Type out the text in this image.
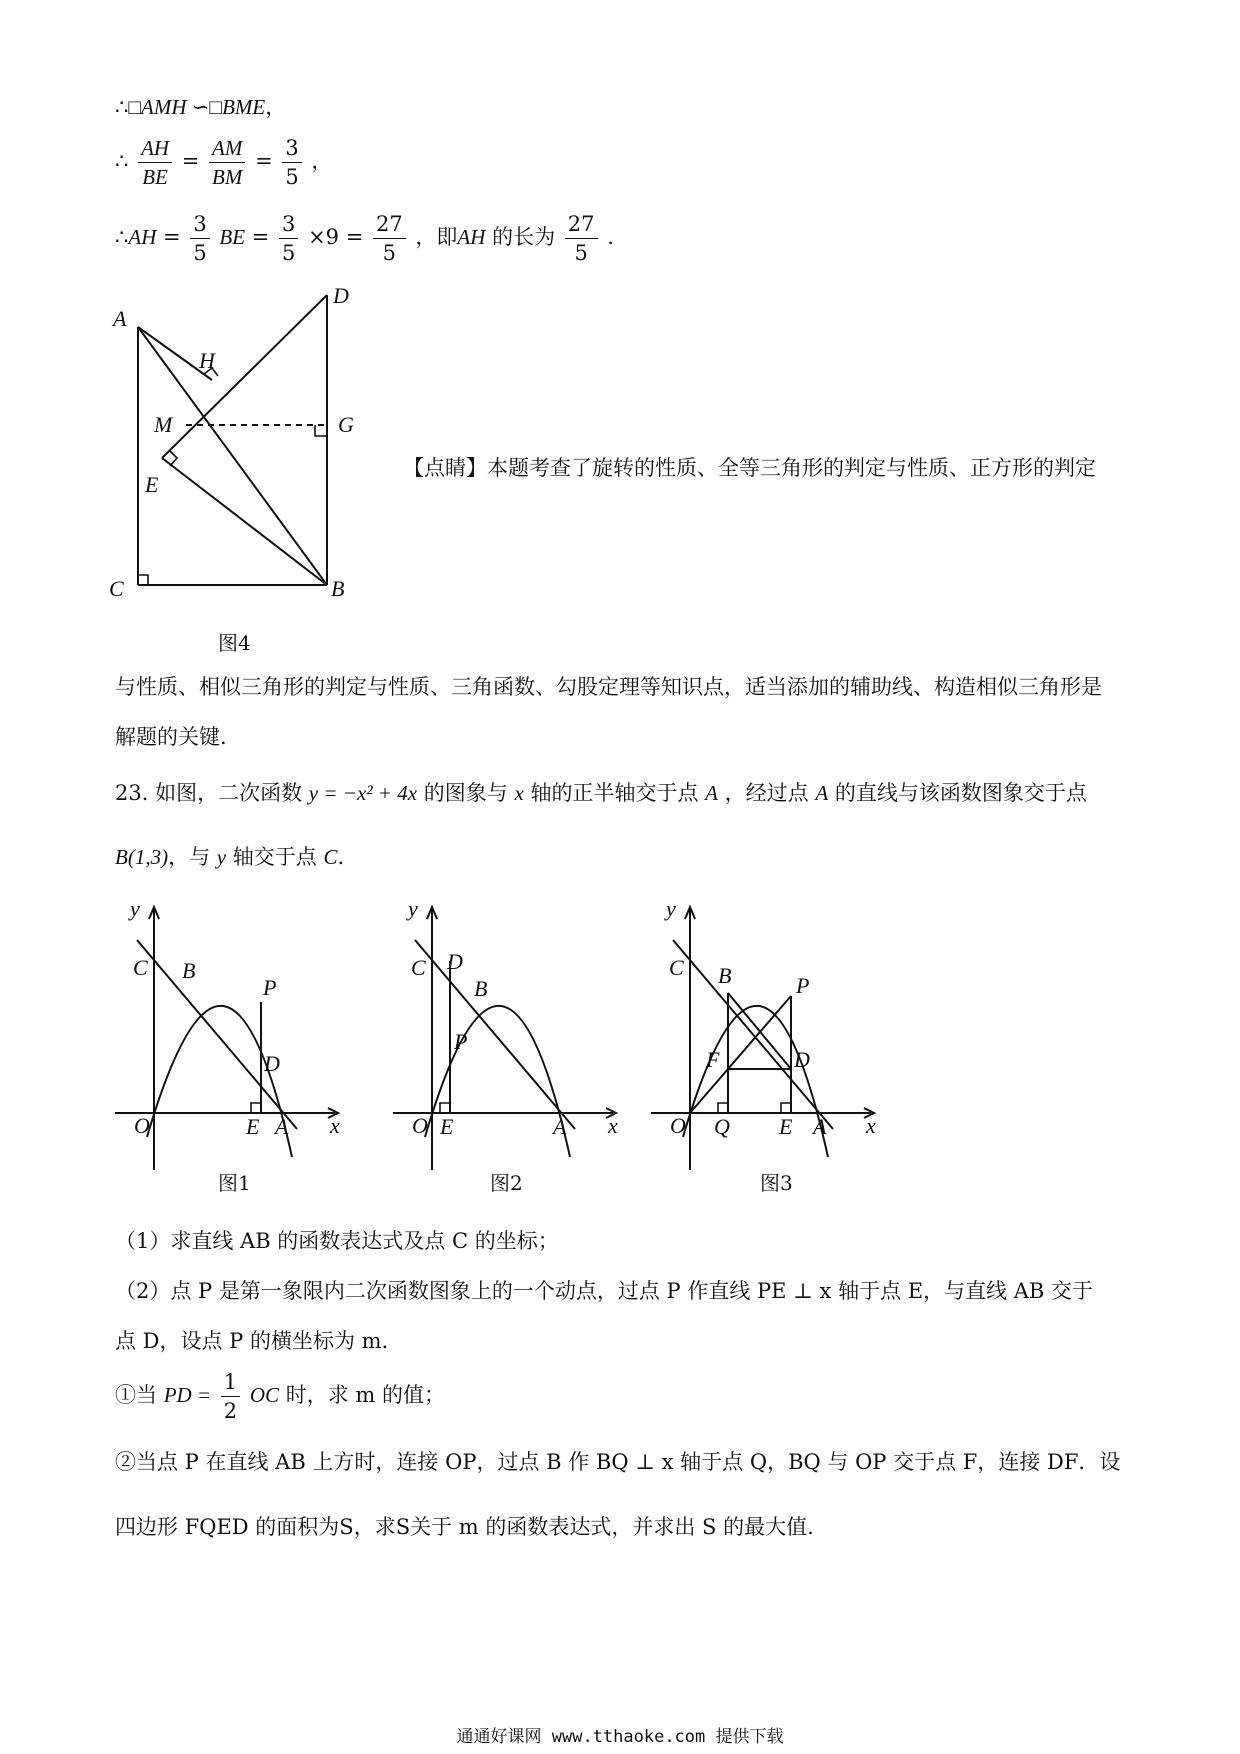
∴□AMH ∽□BME，
∴ $\frac{AH}{BE} = \frac{AM}{BM} = \frac{3}{5}$ ，
∴AH = $\frac{3}{5}$ BE = $\frac{3}{5} \times 9 = \frac{27}{5}$ ，即AH 的长为 $\frac{27}{5}$ .
A
D
H
M	G
E
C	B
图4
【点睛】本题考查了旋转的性质、全等三角形的判定与性质、正方形的判定
与性质、相似三角形的判定与性质、三角函数、勾股定理等知识点，适当添加的辅助线、构造相似三角形是
解题的关键.
23. 如图，二次函数 y = −x² + 4x 的图象与 x 轴的正半轴交于点 A ，经过点 A 的直线与该函数图象交于点
B(1,3)，与 y 轴交于点 C.
y
C B
P
D
O	E A x
图1
y
C D
B
P
O E	A x
图2
y
C B	P
F	D
O Q E A x
图3
（1）求直线 AB 的函数表达式及点 C 的坐标；
（2）点 P 是第一象限内二次函数图象上的一个动点，过点 P 作直线 PE ⊥ x 轴于点 E，与直线 AB 交于
点 D，设点 P 的横坐标为 m．
①当 PD = $\frac{1}{2}$ OC 时，求 m 的值；
②当点 P 在直线 AB 上方时，连接 OP，过点 B 作 BQ ⊥ x 轴于点 Q，BQ 与 OP 交于点 F，连接 DF．设
四边形 FQED 的面积为S，求S关于 m 的函数表达式，并求出 S 的最大值.
通通好课网 www.tthaoke.com 提供下载
